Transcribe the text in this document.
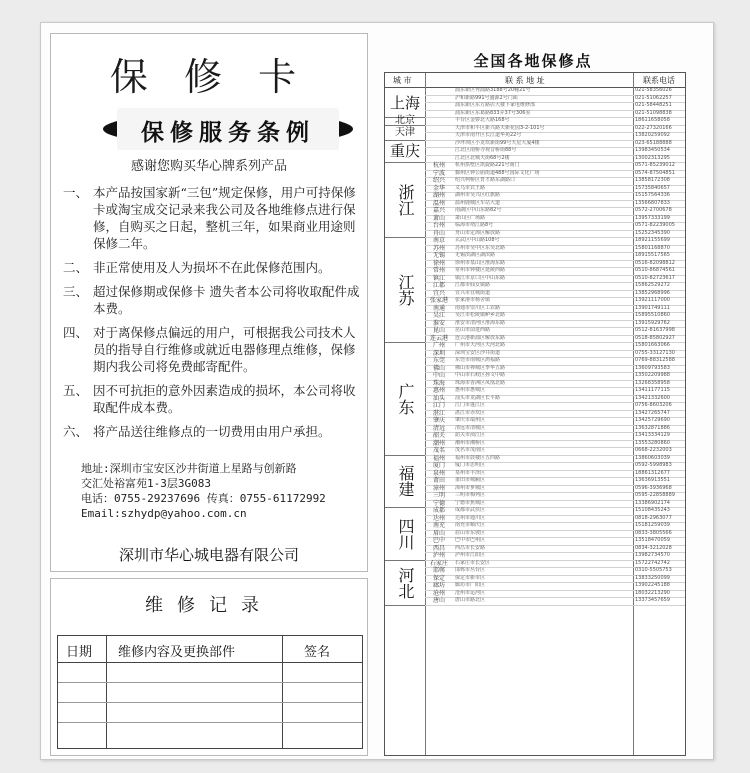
保 修 卡
保修服务条例
感谢您购买华心牌系列产品
一、 本产品按国家新“三包”规定保修，用户可持保修卡或淘宝成交记录来我公司及各地维修点进行保修，自购买之日起，整机三年，如果商业用途则保修二年。
二、 非正常使用及人为损坏不在此保修范围内。
三、 超过保修期或保修卡 遗失者本公司将收取配件成本费。
四、 对于离保修点偏远的用户，可根据我公司技术人员的指导自行维修或就近电器修理点维修，保修期内我公司将免费邮寄配件。
五、 因不可抗拒的意外因素造成的损坏，本公司将收取配件成本费。
六、 将产品送往维修点的一切费用由用户承担。
地址:深圳市宝安区沙井街道上星路与创新路
交汇处裕富苑1-3层3G083
电话：0755-29237696 传真：0755-61172992
Email:szhydp@yahoo.com.cn
深圳市华心城电器有限公司
维修记录
日期 维修内容及更换部件	签名
全国各地保修点
城 市	联 系 地 址	联系电话
上海
浦东新区秀浦路3188号20幢21号	021-58356026
沪和新路991号盛源2号门面	021-51062257
浦东新区东方路店大楼下家电维修部	021-58448251
浦东新区东葛路833弄37号306室	021-51098838
北京	丰台区金锣北大路168号	18611658058
天津	天津市和平区新兴路天新花园3-2-101号	022-27320166
天津市南开区长江道华苑22号	13820259092
重庆	沙坪坝区小龙坎新街99号天星大厦4楼	023-65188888
江北区南桥寺观音桥街88号	13983450534
江北区北城天街68号2楼	13002313295
浙江
杭州	杭州拱墅区凯旋路221号南门	0571-85239012
宁波	鄞州区钟公庙街道488号国际文化广场	0574-87504851
绍兴	绍兴柯桥区育才路东湖路口	13858172308
金华	义乌市宾王路	15735840657
湖州	湖州市吴兴区红旗路	15157564336
温州	温州鹿城区车站大道	13566807833
嘉兴	南湖区中山东路82号	0572-2700678
萧山	萧山区广场路	13957333199
台州	临海市靖江路8号	0571-82239005
舟山	舟山市定海区解放路	15252345390
江苏
南京	玄武区中山路108号	18921155699
苏州	苏州市吴中区东吴北路	15801168870
无锡	无锡滨湖区湖滨路	18915517565
徐州	徐州市泉山区淮海东路	0516-82098812
常州	常州市钟楼区延陵西路	0510-86874561
镇江	镇江市京口区中山东路	0510-82723617
江都	江都市仙女镇路	15862529272
宜兴	宜兴市宜城街道	13852968996
张家港	张家港市杨舍镇	13921117000
南通	南通市崇川区工农路	13901749111
吴江	吴江市松陵镇鲈乡北路	15895510860
淮安	淮安市清河区淮海东路	13915929762
昆山	昆山市前进西路	0512-81637998
连云港	连云港新浦区解放东路	0518-85802927
广东
广州	广州市天河区天河北路	15801663066
深圳	深圳宝安区沙井街道	0755-33127130
东莞	东莞市南城区鸿福路	0769-88312588
佛山	佛山市禅城区季华五路	13609793583
中山	中山市石岐区孙文中路	13502209988
珠海	珠海市香洲区凤凰北路	13268358958
惠州	惠州市惠城区	13411177115
汕头	汕头市龙湖区长平路	13421332600
江门	江门市蓬江区	0756-8603206
湛江	湛江市赤坎区	13427265747
肇庆	肇庆市端州区	13425729690
清远	清远市清城区	13632871886
韶关	韶关市浈江区	13413334129
潮州	潮州市湘桥区	13553280860
茂名	茂名市茂南区	0668-2232003
福建
福州	福州市鼓楼区五四路	13860603039
厦门	厦门市思明区	0592-5998983
泉州	泉州市丰泽区	18861312677
莆田	莆田市城厢区	13636913551
漳州	漳州市芗城区	0596-3936968
三明	三明市梅列区	0595-22858889
宁德	宁德市蕉城区	13386902174
四川
成都	成都市武侯区	15108435243
达州	达州市通川区	0818-2963077
南充	南充市顺庆区	15181259039
眉山	眉山市东坡区	0833-3805566
巴中	巴中市巴州区	13518470059
西昌	西昌市长安路	0834-3212028
泸州	泸州市江阳区	13982734570
河北
石家庄	石家庄市长安区	15722742742
邯郸	邯郸市丛台区	0310-5505753
保定	保定市新市区	13833250099
廊坊	廊坊市广阳区	13902245188
沧州	沧州市运河区	18032213290
唐山	唐山市路北区	13373457659
